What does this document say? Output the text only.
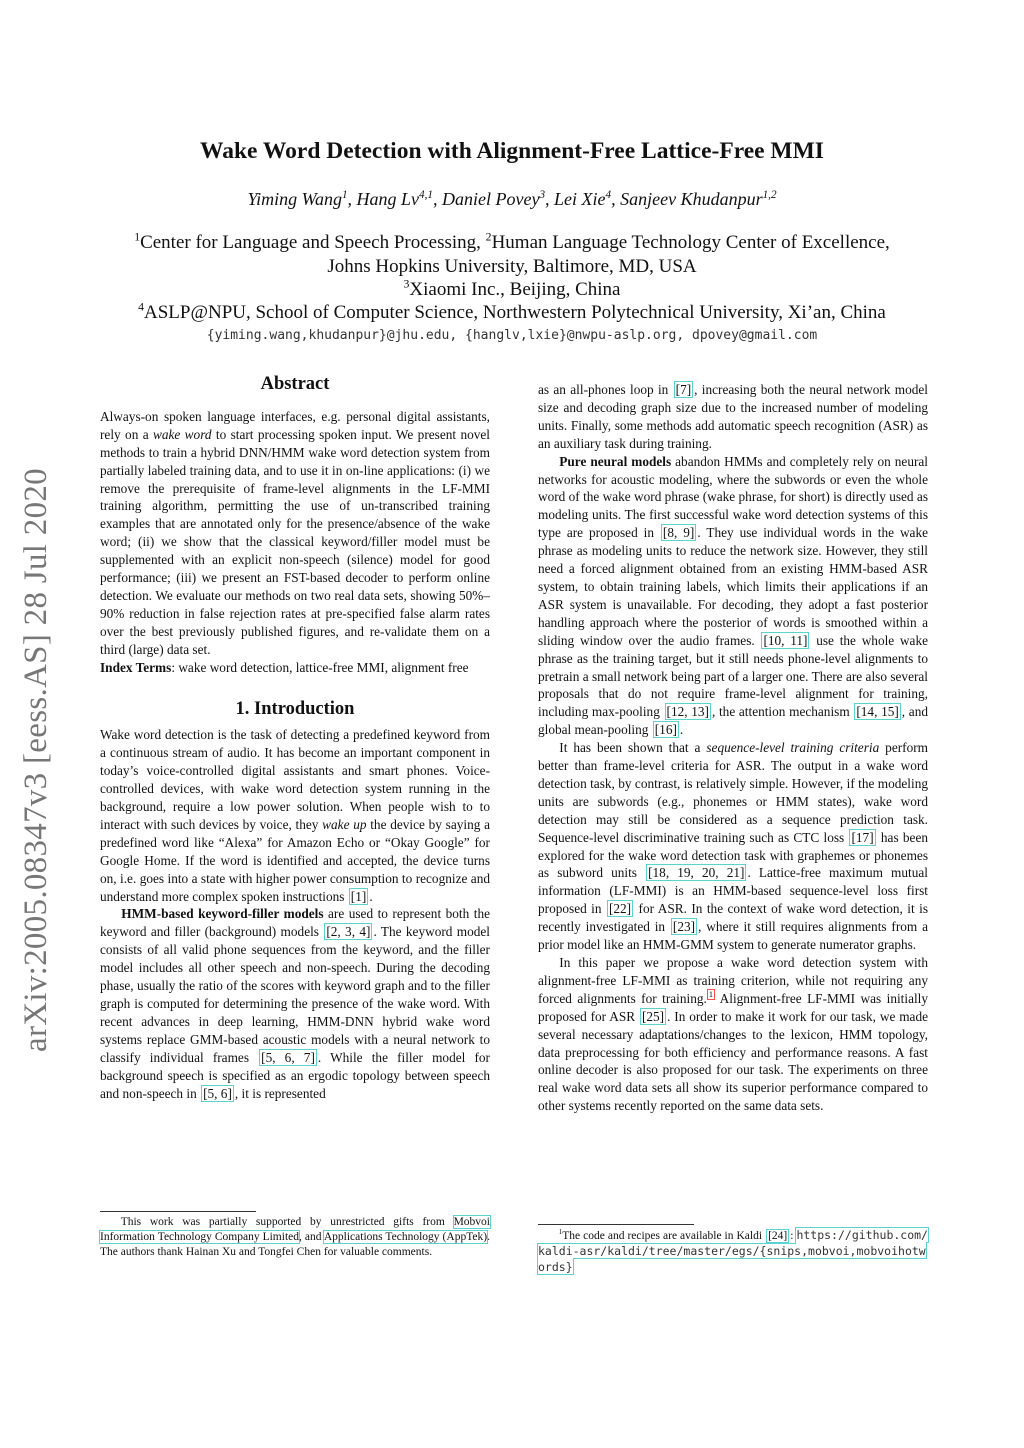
arXiv:2005.08347v3 [eess.AS] 28 Jul 2020
Wake Word Detection with Alignment-Free Lattice-Free MMI
Yiming Wang$^1$, Hang Lv$^{4,1}$, Daniel Povey$^3$, Lei Xie$^4$, Sanjeev Khudanpur$^{1,2}$
$^1$Center for Language and Speech Processing, $^2$Human Language Technology Center of Excellence,
Johns Hopkins University, Baltimore, MD, USA
$^3$Xiaomi Inc., Beijing, China
$^4$ASLP@NPU, School of Computer Science, Northwestern Polytechnical University, Xi’an, China
{yiming.wang,khudanpur}@jhu.edu, {hanglv,lxie}@nwpu-aslp.org, dpovey@gmail.com
Abstract

Always-on spoken language interfaces, e.g. personal digital assistants, rely on a wake word to start processing spoken input. We present novel methods to train a hybrid DNN/HMM wake word detection system from partially labeled training data, and to use it in on-line applications: (i) we remove the prerequisite of frame-level alignments in the LF-MMI training algorithm, permitting the use of un-transcribed training examples that are annotated only for the presence/absence of the wake word; (ii) we show that the classical keyword/filler model must be supplemented with an explicit non-speech (silence) model for good performance; (iii) we present an FST-based decoder to perform online detection. We evaluate our methods on two real data sets, showing 50%–90% reduction in false rejection rates at pre-specified false alarm rates over the best previously published figures, and re-validate them on a third (large) data set.

Index Terms: wake word detection, lattice-free MMI, alignment free

1. Introduction

Wake word detection is the task of detecting a predefined keyword from a continuous stream of audio. It has become an important component in today’s voice-controlled digital assistants and smart phones. Voice-controlled devices, with wake word detection system running in the background, require a low power solution. When people wish to to interact with such devices by voice, they wake up the device by saying a predefined word like “Alexa” for Amazon Echo or “Okay Google” for Google Home. If the word is identified and accepted, the device turns on, i.e. goes into a state with higher power consumption to recognize and understand more complex spoken instructions [1] .

HMM-based keyword-filler models are used to represent both the keyword and filler (background) models [2, 3, 4] . The keyword model consists of all valid phone sequences from the keyword, and the filler model includes all other speech and non-speech. During the decoding phase, usually the ratio of the scores with keyword graph and to the filler graph is computed for determining the presence of the wake word. With recent advances in deep learning, HMM-DNN hybrid wake word systems replace GMM-based acoustic models with a neural network to classify individual frames [5, 6, 7] . While the filler model for background speech is specified as an ergodic topology between speech and non-speech in [5, 6] , it is represented

This work was partially supported by unrestricted gifts from Mobvoi Information Technology Company Limited, and Applications Technology (AppTek). The authors thank Hainan Xu and Tongfei Chen for valuable comments.

as an all-phones loop in [7] , increasing both the neural network model size and decoding graph size due to the increased number of modeling units. Finally, some methods add automatic speech recognition (ASR) as an auxiliary task during training.

Pure neural models abandon HMMs and completely rely on neural networks for acoustic modeling, where the subwords or even the whole word of the wake word phrase (wake phrase, for short) is directly used as modeling units. The first successful wake word detection systems of this type are proposed in [8, 9] . They use individual words in the wake phrase as modeling units to reduce the network size. However, they still need a forced alignment obtained from an existing HMM-based ASR system, to obtain training labels, which limits their applications if an ASR system is unavailable. For decoding, they adopt a fast posterior handling approach where the posterior of words is smoothed within a sliding window over the audio frames. [10, 11] use the whole wake phrase as the training target, but it still needs phone-level alignments to pretrain a small network being part of a larger one. There are also several proposals that do not require frame-level alignment for training, including max-pooling [12, 13] , the attention mechanism [14, 15] , and global mean-pooling [16] .

It has been shown that a sequence-level training criteria perform better than frame-level criteria for ASR. The output in a wake word detection task, by contrast, is relatively simple. However, if the modeling units are subwords (e.g., phonemes or HMM states), wake word detection may still be considered as a sequence prediction task. Sequence-level discriminative training such as CTC loss [17] has been explored for the wake word detection task with graphemes or phonemes as subword units [18, 19, 20, 21] . Lattice-free maximum mutual information (LF-MMI) is an HMM-based sequence-level loss first proposed in [22] for ASR. In the context of wake word detection, it is recently investigated in [23] , where it still requires alignments from a prior model like an HMM-GMM system to generate numerator graphs.

In this paper we propose a wake word detection system with alignment-free LF-MMI as training criterion, while not requiring any forced alignments for training. $^1$ Alignment-free LF-MMI was initially proposed for ASR [25] . In order to make it work for our task, we made several necessary adaptations/changes to the lexicon, HMM topology, data preprocessing for both efficiency and performance reasons. A fast online decoder is also proposed for our task. The experiments on three real wake word data sets all show its superior performance compared to other systems recently reported on the same data sets.

$^1$The code and recipes are available in Kaldi [24] : https://github.com/kaldi-asr/kaldi/tree/master/egs/{snips,mobvoi,mobvoihotwords}
